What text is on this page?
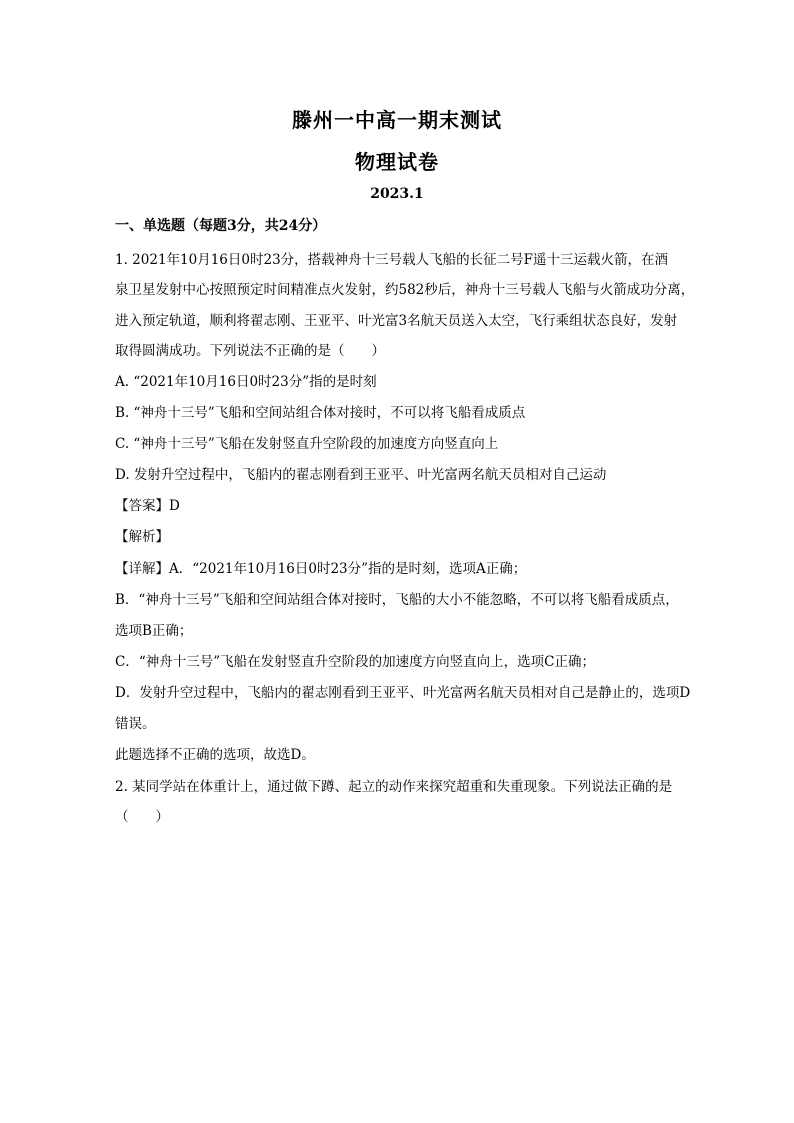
滕州一中高一期末测试
物理试卷
2023.1
一、单选题（每题3分，共24分）
1. 2021年10月16日0时23分，搭载神舟十三号载人飞船的长征二号F遥十三运载火箭，在酒
泉卫星发射中心按照预定时间精准点火发射，约582秒后，神舟十三号载人飞船与火箭成功分离，
进入预定轨道，顺利将翟志刚、王亚平、叶光富3名航天员送入太空，飞行乘组状态良好，发射
取得圆满成功。下列说法不正确的是（　　）
A. “2021年10月16日0时23分”指的是时刻
B. “神舟十三号”飞船和空间站组合体对接时，不可以将飞船看成质点
C. “神舟十三号”飞船在发射竖直升空阶段的加速度方向竖直向上
D. 发射升空过程中，飞船内的翟志刚看到王亚平、叶光富两名航天员相对自己运动
【答案】D
【解析】
【详解】A．“2021年10月16日0时23分”指的是时刻，选项A正确；
B．“神舟十三号”飞船和空间站组合体对接时，飞船的大小不能忽略，不可以将飞船看成质点，
选项B正确；
C．“神舟十三号”飞船在发射竖直升空阶段的加速度方向竖直向上，选项C正确；
D．发射升空过程中，飞船内的翟志刚看到王亚平、叶光富两名航天员相对自己是静止的，选项D
错误。
此题选择不正确的选项，故选D。
2. 某同学站在体重计上，通过做下蹲、起立的动作来探究超重和失重现象。下列说法正确的是
（　　）
